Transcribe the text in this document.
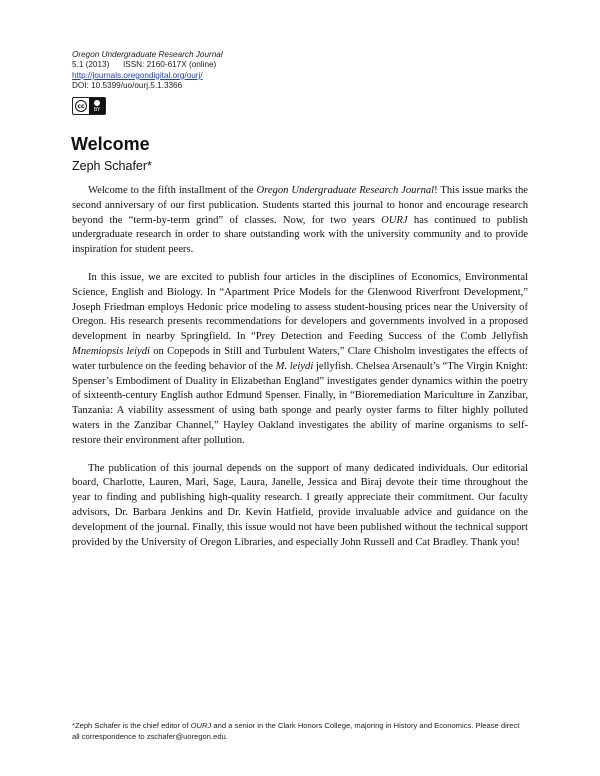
Oregon Undergraduate Research Journal
5.1 (2013)      ISSN: 2160-617X (online)
http://journals.oregondigital.org/ourj/
DOI: 10.5399/uo/ourj.5.1.3366
cc
BY
Welcome
Zeph Schafer*

Welcome to the fifth installment of the Oregon Undergraduate Research Journal! This issue marks the second anniversary of our first publication. Students started this journal to honor and encourage research beyond the “term-by-term grind” of classes. Now, for two years OURJ has continued to publish undergraduate research in order to share outstanding work with the university community and to provide inspiration for student peers.

In this issue, we are excited to publish four articles in the disciplines of Economics, Environmental Science, English and Biology. In “Apartment Price Models for the Glenwood Riverfront Development,” Joseph Friedman employs Hedonic price modeling to assess student-housing prices near the University of Oregon. His research presents recommendations for developers and governments involved in a proposed development in nearby Springfield. In “Prey Detection and Feeding Success of the Comb Jellyfish Mnemiopsis leiydi on Copepods in Still and Turbulent Waters,” Clare Chisholm investigates the effects of water turbulence on the feeding behavior of the M. leiydi jellyfish. Chelsea Arsenault’s “The Virgin Knight: Spenser’s Embodiment of Duality in Elizabethan England” investigates gender dynamics within the poetry of sixteenth-century English author Edmund Spenser. Finally, in “Bioremediation Mariculture in Zanzibar, Tanzania: A viability assessment of using bath sponge and pearly oyster farms to filter highly polluted waters in the Zanzibar Channel,” Hayley Oakland investigates the ability of marine organisms to self-restore their environment after pollution.

The publication of this journal depends on the support of many dedicated individuals. Our editorial board, Charlotte, Lauren, Mari, Sage, Laura, Janelle, Jessica and Biraj devote their time throughout the year to finding and publishing high-quality research. I greatly appreciate their commitment. Our faculty advisors, Dr. Barbara Jenkins and Dr. Kevin Hatfield, provide invaluable advice and guidance on the development of the journal. Finally, this issue would not have been published without the technical support provided by the University of Oregon Libraries, and especially John Russell and Cat Bradley. Thank you!

*Zeph Schafer is the chief editor of OURJ and a senior in the Clark Honors College, majoring in History and Economics. Please direct all correspondence to zschafer@uoregon.edu.
